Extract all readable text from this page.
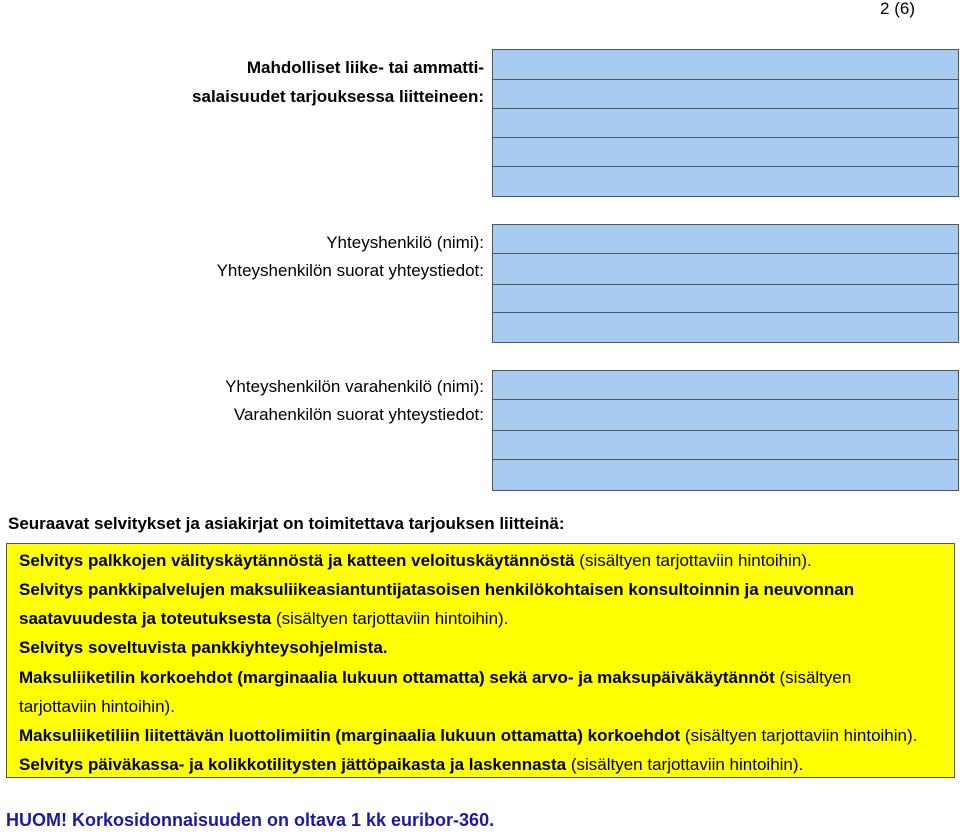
2 (6)
Mahdolliset liike- tai ammatti-
salaisuudet tarjouksessa liitteineen:
Yhteyshenkilö (nimi):
Yhteyshenkilön suorat yhteystiedot:
Yhteyshenkilön varahenkilö (nimi):
Varahenkilön suorat yhteystiedot:
Seuraavat selvitykset ja asiakirjat on toimitettava tarjouksen liitteinä:
Selvitys palkkojen välityskäytännöstä ja katteen veloituskäytännöstä (sisältyen tarjottaviin hintoihin).
Selvitys pankkipalvelujen maksuliikeasiantuntijatasoisen henkilökohtaisen konsultoinnin ja neuvonnan
saatavuudesta ja toteutuksesta (sisältyen tarjottaviin hintoihin).
Selvitys soveltuvista pankkiyhteysohjelmista.
Maksuliiketilin korkoehdot (marginaalia lukuun ottamatta) sekä arvo- ja maksupäiväkäytännöt (sisältyen
tarjottaviin hintoihin).
Maksuliiketiliin liitettävän luottolimiitin (marginaalia lukuun ottamatta) korkoehdot (sisältyen tarjottaviin hintoihin).
Selvitys päiväkassa- ja kolikkotilitysten jättöpaikasta ja laskennasta (sisältyen tarjottaviin hintoihin).
HUOM! Korkosidonnaisuuden on oltava 1 kk euribor-360.
